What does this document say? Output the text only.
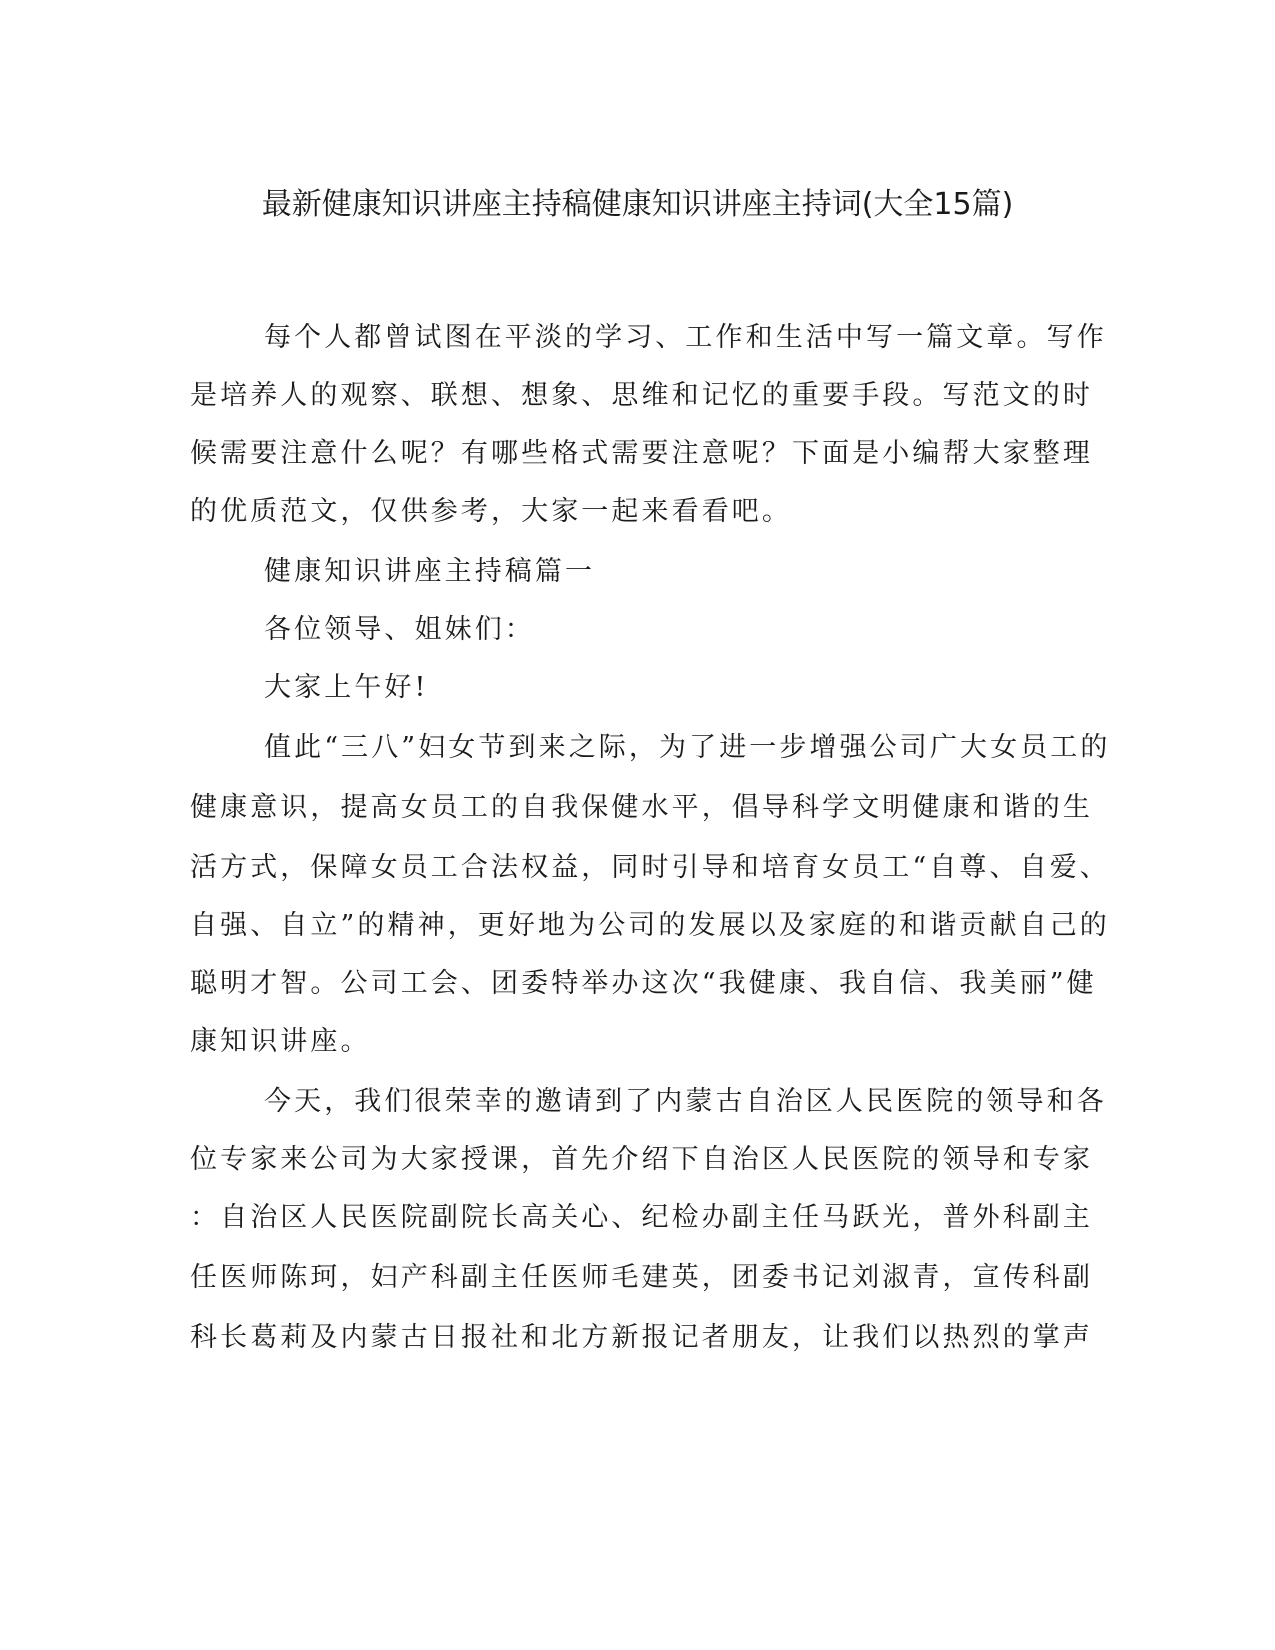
最新健康知识讲座主持稿健康知识讲座主持词(大全15篇)
每个人都曾试图在平淡的学习、工作和生活中写一篇文章。写作
是培养人的观察、联想、想象、思维和记忆的重要手段。写范文的时
候需要注意什么呢？有哪些格式需要注意呢？下面是小编帮大家整理
的优质范文，仅供参考，大家一起来看看吧。
健康知识讲座主持稿篇一
各位领导、姐妹们：
大家上午好!
值此“三八”妇女节到来之际，为了进一步增强公司广大女员工的
健康意识，提高女员工的自我保健水平，倡导科学文明健康和谐的生
活方式，保障女员工合法权益，同时引导和培育女员工“自尊、自爱、
自强、自立”的精神，更好地为公司的发展以及家庭的和谐贡献自己的
聪明才智。公司工会、团委特举办这次“我健康、我自信、我美丽”健
康知识讲座。
今天，我们很荣幸的邀请到了内蒙古自治区人民医院的领导和各
位专家来公司为大家授课，首先介绍下自治区人民医院的领导和专家
：自治区人民医院副院长高关心、纪检办副主任马跃光，普外科副主
任医师陈珂，妇产科副主任医师毛建英，团委书记刘淑青，宣传科副
科长葛莉及内蒙古日报社和北方新报记者朋友，让我们以热烈的掌声
